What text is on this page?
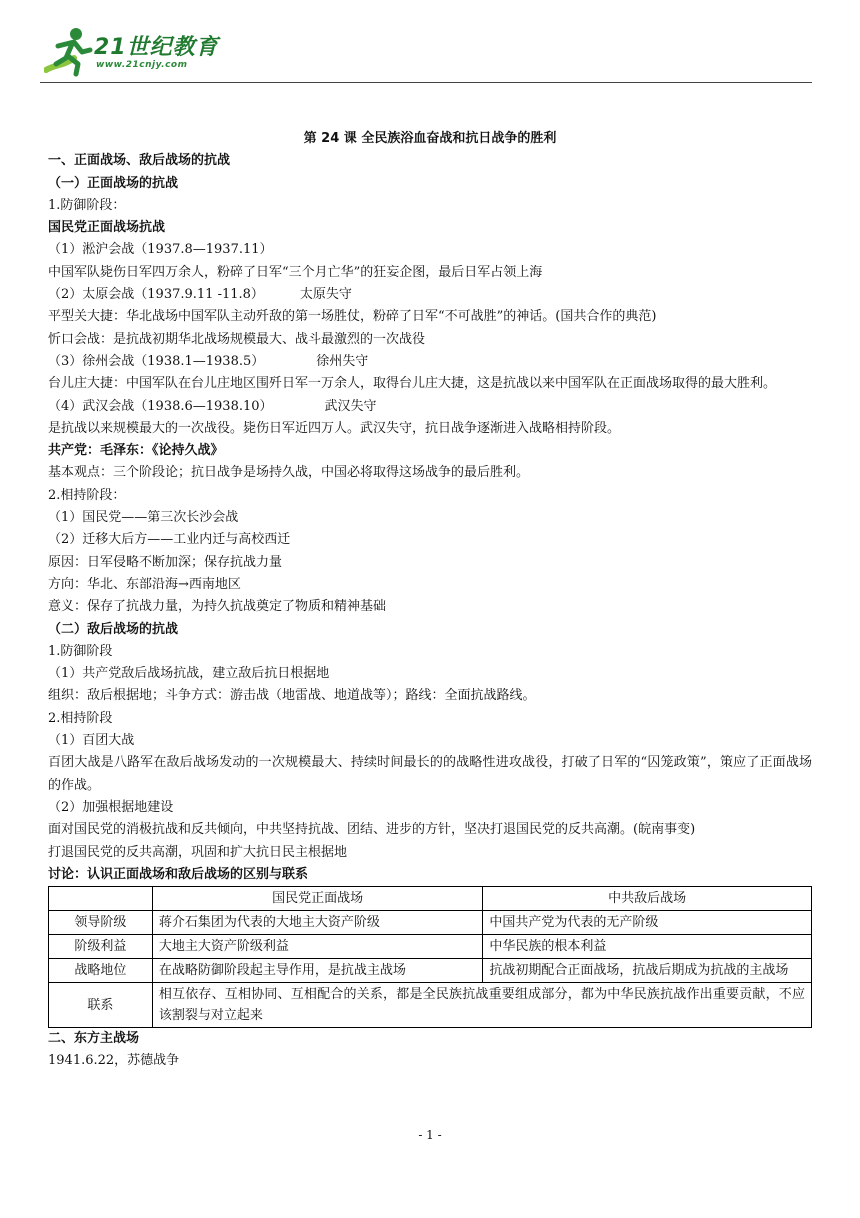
21世纪教育
www.21cnjy.com
第 24 课 全民族浴血奋战和抗日战争的胜利
一、正面战场、敌后战场的抗战
（一）正面战场的抗战
1.防御阶段：
国民党正面战场抗战
（1）淞沪会战（1937.8—1937.11）
中国军队毙伤日军四万余人，粉碎了日军“三个月亡华”的狂妄企图，最后日军占领上海
（2）太原会战（1937.9.11 -11.8）	太原失守
平型关大捷：华北战场中国军队主动歼敌的第一场胜仗，粉碎了日军“不可战胜”的神话。(国共合作的典范)
忻口会战：是抗战初期华北战场规模最大、战斗最激烈的一次战役
（3）徐州会战（1938.1—1938.5）	徐州失守
台儿庄大捷：中国军队在台儿庄地区围歼日军一万余人，取得台儿庄大捷，这是抗战以来中国军队在正面战场取得的最大胜利。
（4）武汉会战（1938.6—1938.10）	武汉失守
是抗战以来规模最大的一次战役。毙伤日军近四万人。武汉失守，抗日战争逐渐进入战略相持阶段。
共产党：毛泽东：《论持久战》
基本观点：三个阶段论；抗日战争是场持久战，中国必将取得这场战争的最后胜利。
2.相持阶段：
（1）国民党——第三次长沙会战
（2）迁移大后方——工业内迁与高校西迁
原因：日军侵略不断加深；保存抗战力量
方向：华北、东部沿海→西南地区
意义：保存了抗战力量，为持久抗战奠定了物质和精神基础
（二）敌后战场的抗战
1.防御阶段
（1）共产党敌后战场抗战，建立敌后抗日根据地
组织：敌后根据地；斗争方式：游击战（地雷战、地道战等）；路线：全面抗战路线。
2.相持阶段
（1）百团大战
百团大战是八路军在敌后战场发动的一次规模最大、持续时间最长的的战略性进攻战役，打破了日军的“囚笼政策”，策应了正面战场的作战。
（2）加强根据地建设
面对国民党的消极抗战和反共倾向，中共坚持抗战、团结、进步的方针，坚决打退国民党的反共高潮。(皖南事变)
打退国民党的反共高潮，巩固和扩大抗日民主根据地
讨论：认识正面战场和敌后战场的区别与联系
	国民党正面战场	中共敌后战场
领导阶级	蒋介石集团为代表的大地主大资产阶级	中国共产党为代表的无产阶级
阶级利益	大地主大资产阶级利益	中华民族的根本利益
战略地位	在战略防御阶段起主导作用，是抗战主战场	抗战初期配合正面战场，抗战后期成为抗战的主战场
联系	相互依存、互相协同、互相配合的关系，都是全民族抗战重要组成部分，都为中华民族抗战作出重要贡献，不应该割裂与对立起来	
二、东方主战场
1941.6.22，苏德战争
- 1 -
